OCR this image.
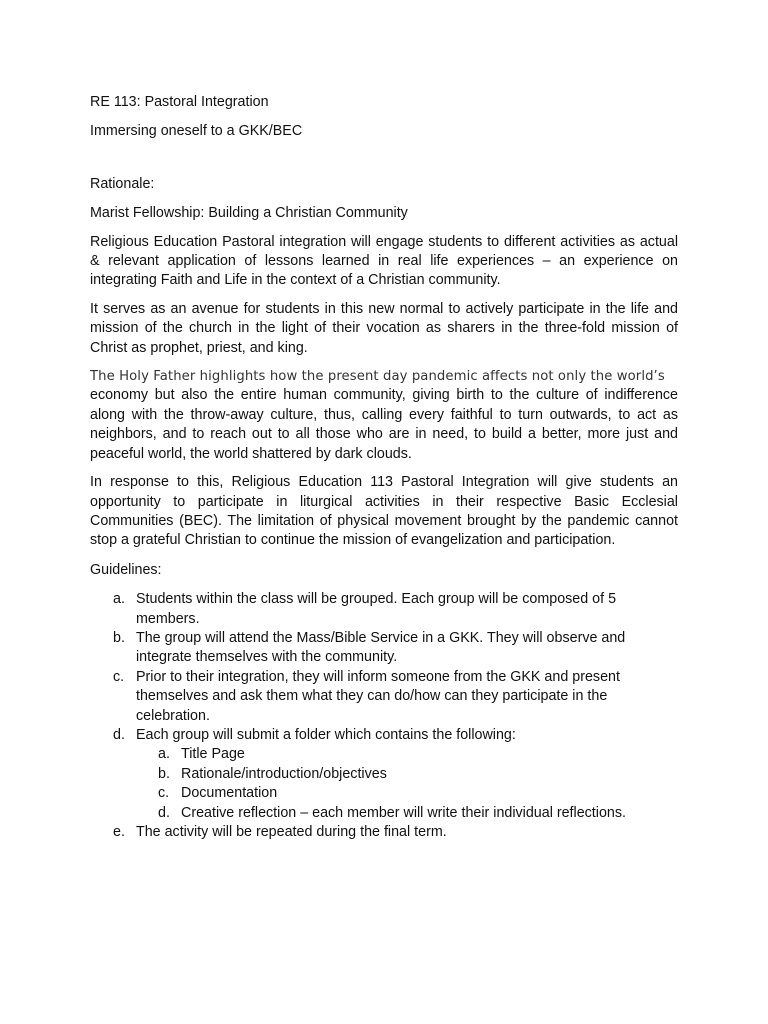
RE 113: Pastoral Integration

Immersing oneself to a GKK/BEC

Rationale:

Marist Fellowship: Building a Christian Community

Religious Education Pastoral integration will engage students to different activities as actual & relevant application of lessons learned in real life experiences – an experience on integrating Faith and Life in the context of a Christian community.

It serves as an avenue for students in this new normal to actively participate in the life and mission of the church in the light of their vocation as sharers in the three-fold mission of Christ as prophet, priest, and king.

The Holy Father highlights how the present day pandemic affects not only the world’s
economy but also the entire human community, giving birth to the culture of indifference along with the throw-away culture, thus, calling every faithful to turn outwards, to act as neighbors, and to reach out to all those who are in need, to build a better, more just and peaceful world, the world shattered by dark clouds.

In response to this, Religious Education 113 Pastoral Integration will give students an opportunity to participate in liturgical activities in their respective Basic Ecclesial Communities (BEC). The limitation of physical movement brought by the pandemic cannot stop a grateful Christian to continue the mission of evangelization and participation.

Guidelines:

a. Students within the class will be grouped. Each group will be composed of 5 members.
b. The group will attend the Mass/Bible Service in a GKK. They will observe and integrate themselves with the community.
c. Prior to their integration, they will inform someone from the GKK and present themselves and ask them what they can do/how can they participate in the celebration.
d. Each group will submit a folder which contains the following:
a. Title Page
b. Rationale/introduction/objectives
c. Documentation
d. Creative reflection – each member will write their individual reflections.
e. The activity will be repeated during the final term.
